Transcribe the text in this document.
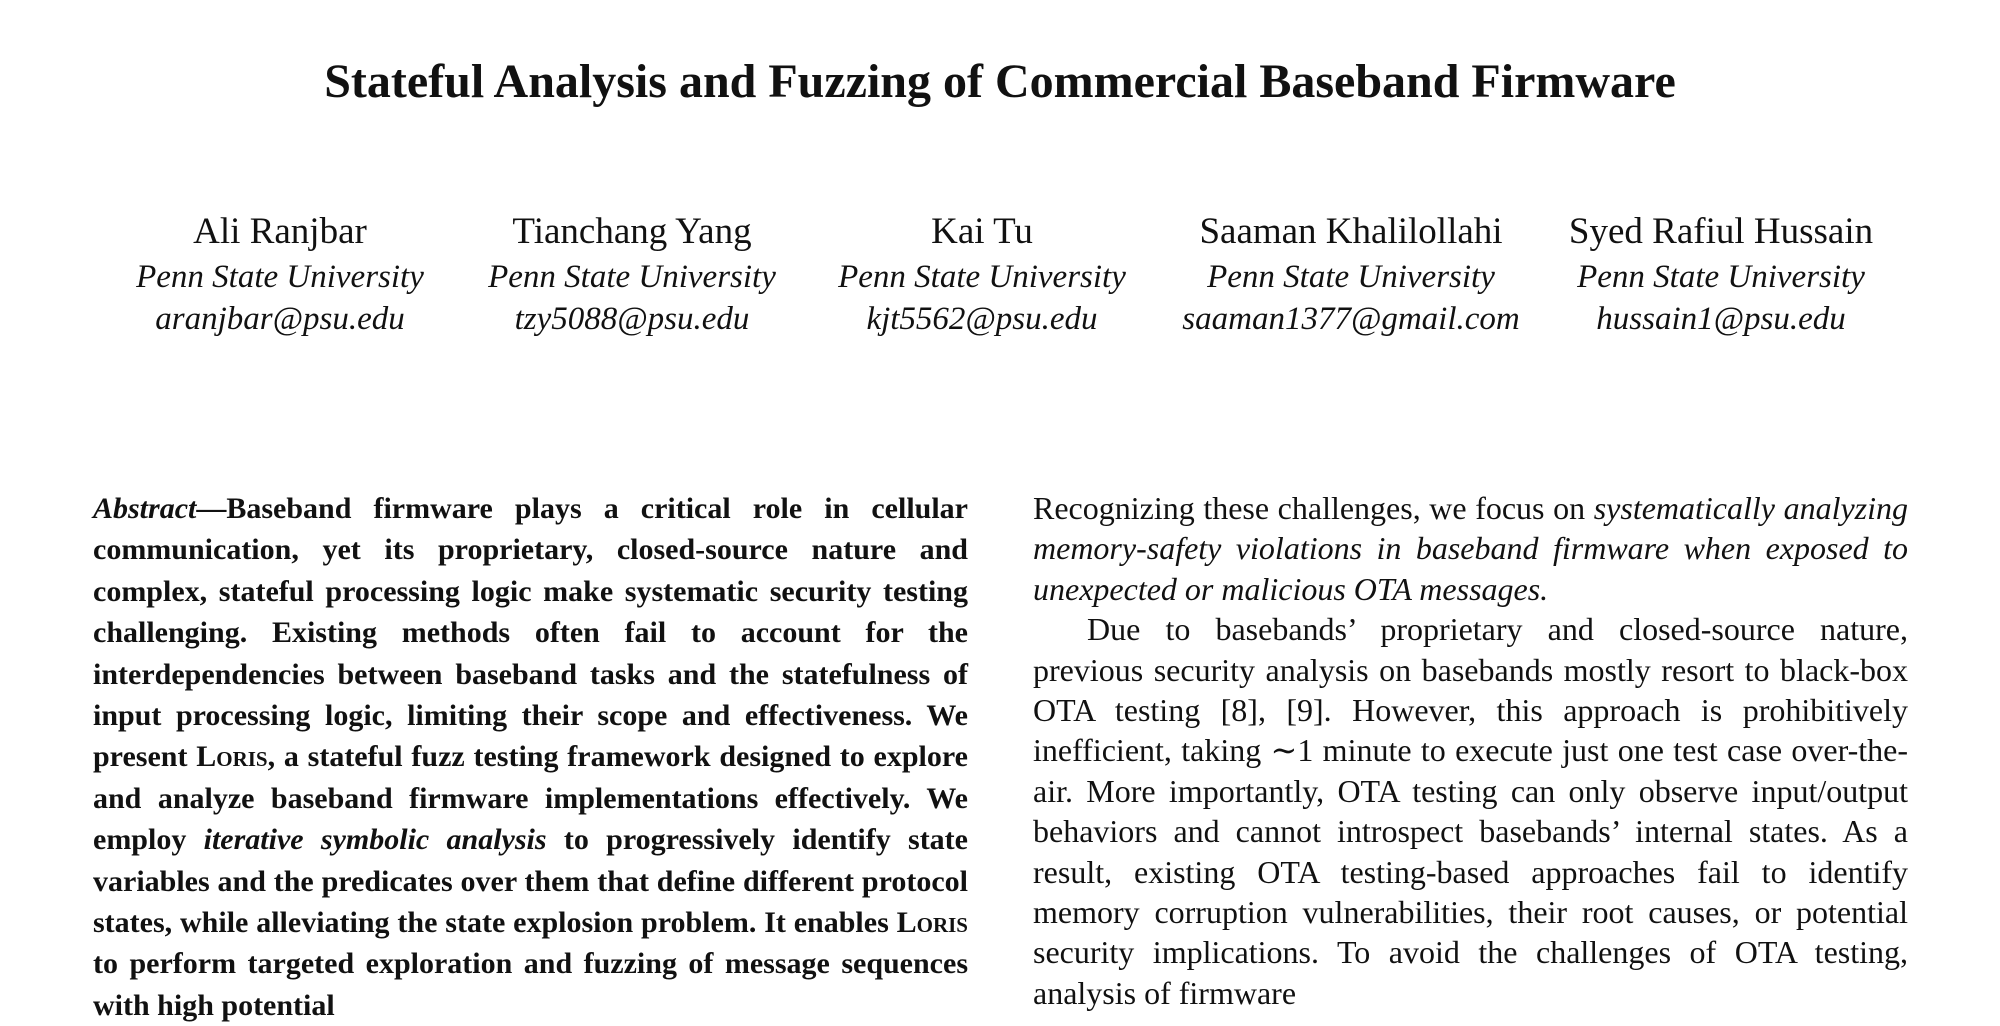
Stateful Analysis and Fuzzing of Commercial Baseband Firmware
Ali Ranjbar
Penn State University
aranjbar@psu.edu
Tianchang Yang
Penn State University
tzy5088@psu.edu
Kai Tu
Penn State University
kjt5562@psu.edu
Saaman Khalilollahi
Penn State University
saaman1377@gmail.com
Syed Rafiul Hussain
Penn State University
hussain1@psu.edu

Abstract—Baseband firmware plays a critical role in cellular communication, yet its proprietary, closed-source nature and complex, stateful processing logic make systematic security testing challenging. Existing methods often fail to account for the interdependencies between baseband tasks and the statefulness of input processing logic, limiting their scope and effectiveness. We present Loris, a stateful fuzz testing framework designed to explore and analyze baseband firmware implementations effectively. We employ iterative symbolic analysis to progressively identify state variables and the predicates over them that define different protocol states, while alleviating the state explosion problem. It enables Loris to perform targeted exploration and fuzzing of message sequences with high potential

Recognizing these challenges, we focus on systematically analyzing memory-safety violations in baseband firmware when exposed to unexpected or malicious OTA messages.

Due to basebands’ proprietary and closed-source nature, previous security analysis on basebands mostly resort to black-box OTA testing [8], [9]. However, this approach is prohibitively inefficient, taking ∼1 minute to execute just one test case over-the-air. More importantly, OTA testing can only observe input/output behaviors and cannot introspect basebands’ internal states. As a result, existing OTA testing-based approaches fail to identify memory corruption vulnerabilities, their root causes, or potential security implications. To avoid the challenges of OTA testing, analysis of firmware
